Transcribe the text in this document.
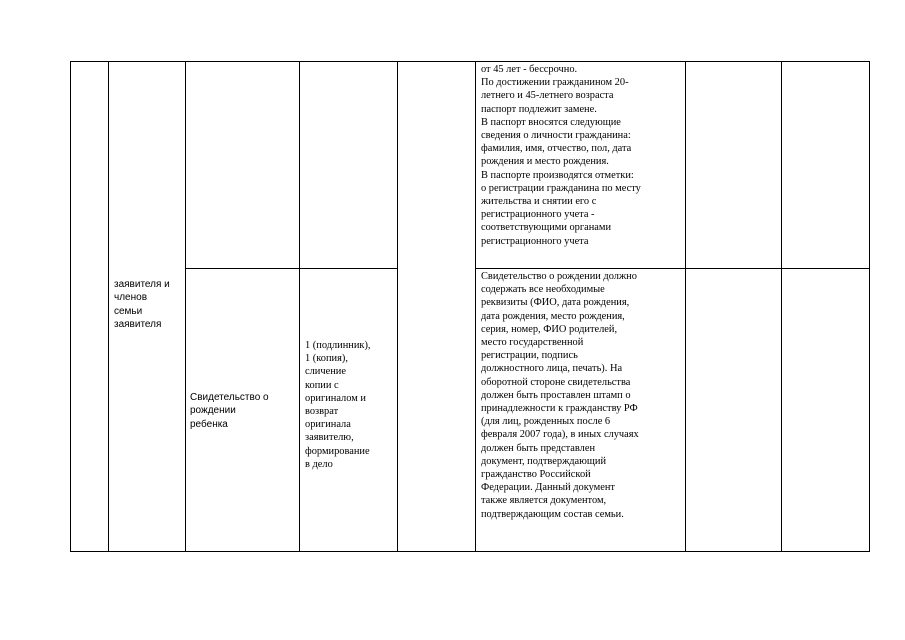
заявителя и
членов
семьи
заявителя
от 45 лет - бессрочно.
По достижении гражданином 20-
летнего и 45-летнего возраста
паспорт подлежит замене.
В паспорт вносятся следующие
сведения о личности гражданина:
фамилия, имя, отчество, пол, дата
рождения и место рождения.
В паспорте производятся отметки:
о регистрации гражданина по месту
жительства и снятии его с
регистрационного учета -
соответствующими органами
регистрационного учета
Свидетельство о
рождении
ребенка
1 (подлинник),
1 (копия),
сличение
копии с
оригиналом и
возврат
оригинала
заявителю,
формирование
в дело
Свидетельство о рождении должно
содержать все необходимые
реквизиты (ФИО, дата рождения,
дата рождения, место рождения,
серия, номер, ФИО родителей,
место государственной
регистрации, подпись
должностного лица, печать). На
оборотной стороне свидетельства
должен быть проставлен штамп о
принадлежности к гражданству РФ
(для лиц, рожденных после 6
февраля 2007 года), в иных случаях
должен быть представлен
документ, подтверждающий
гражданство Российской
Федерации. Данный документ
также является документом,
подтверждающим состав семьи.
